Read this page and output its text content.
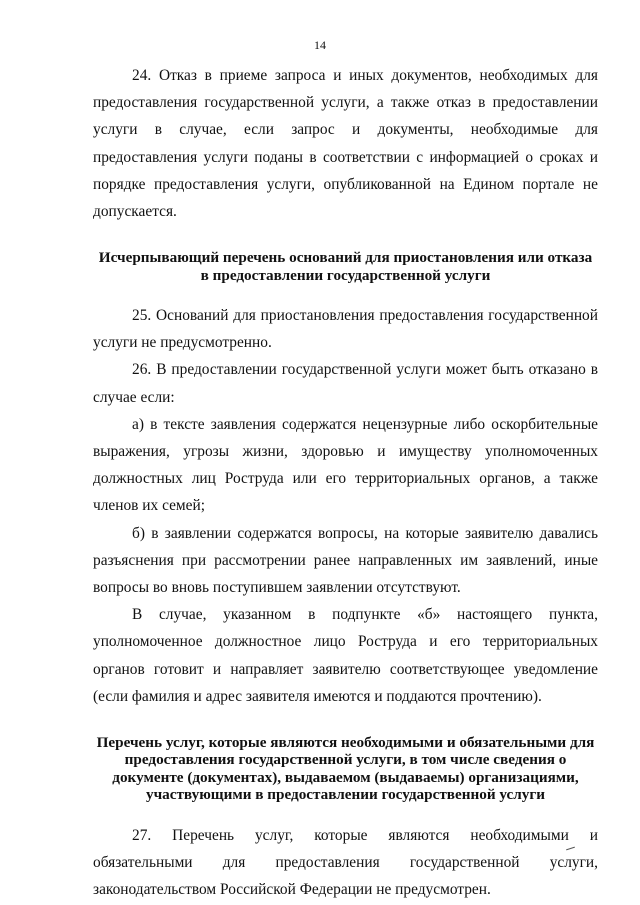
14

24. Отказ в приеме запроса и иных документов, необходимых для предоставления государственной услуги, а также отказ в предоставлении услуги в случае, если запрос и документы, необходимые для предоставления услуги поданы в соответствии с информацией о сроках и порядке предоставления услуги, опубликованной на Едином портале не допускается.

Исчерпывающий перечень оснований для приостановления или отказа в предоставлении государственной услуги

25. Оснований для приостановления предоставления государственной услуги не предусмотренно.

26. В предоставлении государственной услуги может быть отказано в случае если:

а) в тексте заявления содержатся нецензурные либо оскорбительные выражения, угрозы жизни, здоровью и имуществу уполномоченных должностных лиц Роструда или его территориальных органов, а также членов их семей;

б) в заявлении содержатся вопросы, на которые заявителю давались разъяснения при рассмотрении ранее направленных им заявлений, иные вопросы во вновь поступившем заявлении отсутствуют.

В случае, указанном в подпункте «б» настоящего пункта, уполномоченное должностное лицо Роструда и его территориальных органов готовит и направляет заявителю соответствующее уведомление (если фамилия и адрес заявителя имеются и поддаются прочтению).

Перечень услуг, которые являются необходимыми и обязательными для предоставления государственной услуги, в том числе сведения о документе (документах), выдаваемом (выдаваемы) организациями, участвующими в предоставлении государственной услуги

27. Перечень услуг, которые являются необходимыми и обязательными для предоставления государственной услуги, законодательством Российской Федерации не предусмотрен.
